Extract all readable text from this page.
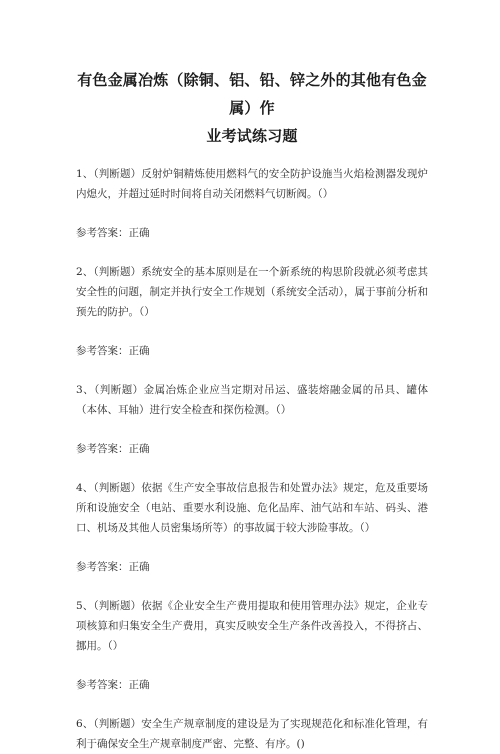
有色金属冶炼（除铜、铝、铅、锌之外的其他有色金属）作
业考试练习题

1、（判断题）反射炉铜精炼使用燃料气的安全防护设施当火焰检测器发现炉内熄火，并超过延时时间将自动关闭燃料气切断阀。（）

参考答案：正确

2、（判断题）系统安全的基本原则是在一个新系统的构思阶段就必须考虑其安全性的问题，制定并执行安全工作规划（系统安全活动），属于事前分析和预先的防护。（）

参考答案：正确

3、（判断题）金属冶炼企业应当定期对吊运、盛装熔融金属的吊具、罐体（本体、耳轴）进行安全检查和探伤检测。（）

参考答案：正确

4、（判断题）依据《生产安全事故信息报告和处置办法》规定，危及重要场所和设施安全（电站、重要水利设施、危化品库、油气站和车站、码头、港口、机场及其他人员密集场所等）的事故属于较大涉险事故。（）

参考答案：正确

5、（判断题）依据《企业安全生产费用提取和使用管理办法》规定，企业专项核算和归集安全生产费用，真实反映安全生产条件改善投入，不得挤占、挪用。（）

参考答案：正确

6、（判断题）安全生产规章制度的建设是为了实现规范化和标准化管理，有利于确保安全生产规章制度严密、完整、有序。()
